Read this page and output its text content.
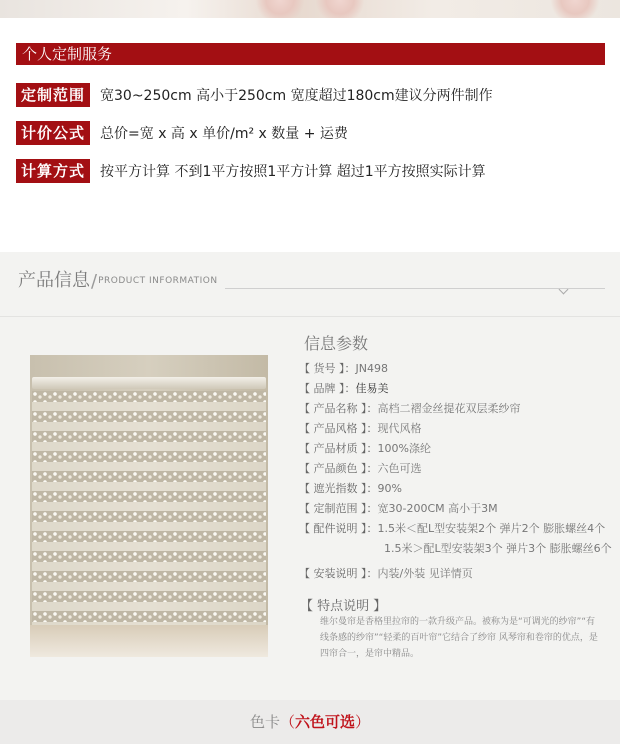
个人定制服务
定制范围	宽30~250cm 高小于250cm 宽度超过180cm建议分两件制作
计价公式	总价=宽 x 高 x 单价/m² x 数量 + 运费
计算方式	按平方计算 不到1平方按照1平方计算 超过1平方按照实际计算
产品信息 / PRODUCT INFORMATION
信息参数
【 货号 】：JN498
【 品牌 】：佳易美
【 产品名称 】：高档二褶金丝提花双层柔纱帘
【 产品风格 】：现代风格
【 产品材质 】：100%涤纶
【 产品颜色 】：六色可选
【 遮光指数 】：90%
【 定制范围 】：宽30-200CM 高小于3M
【 配件说明 】：1.5米＜配L型安装架2个 弹片2个 膨胀螺丝4个
1.5米＞配L型安装架3个 弹片3个 膨胀螺丝6个
【 安装说明 】：内装/外装 见详情页
【 特点说明 】
维尔曼帘是香格里拉帘的一款升级产品。被称为是“可调光的纱帘”“有线条感的纱帘”“轻柔的百叶帘”它结合了纱帘 风琴帘和卷帘的优点，是四帘合一，是帘中精品。
色卡（六色可选）
